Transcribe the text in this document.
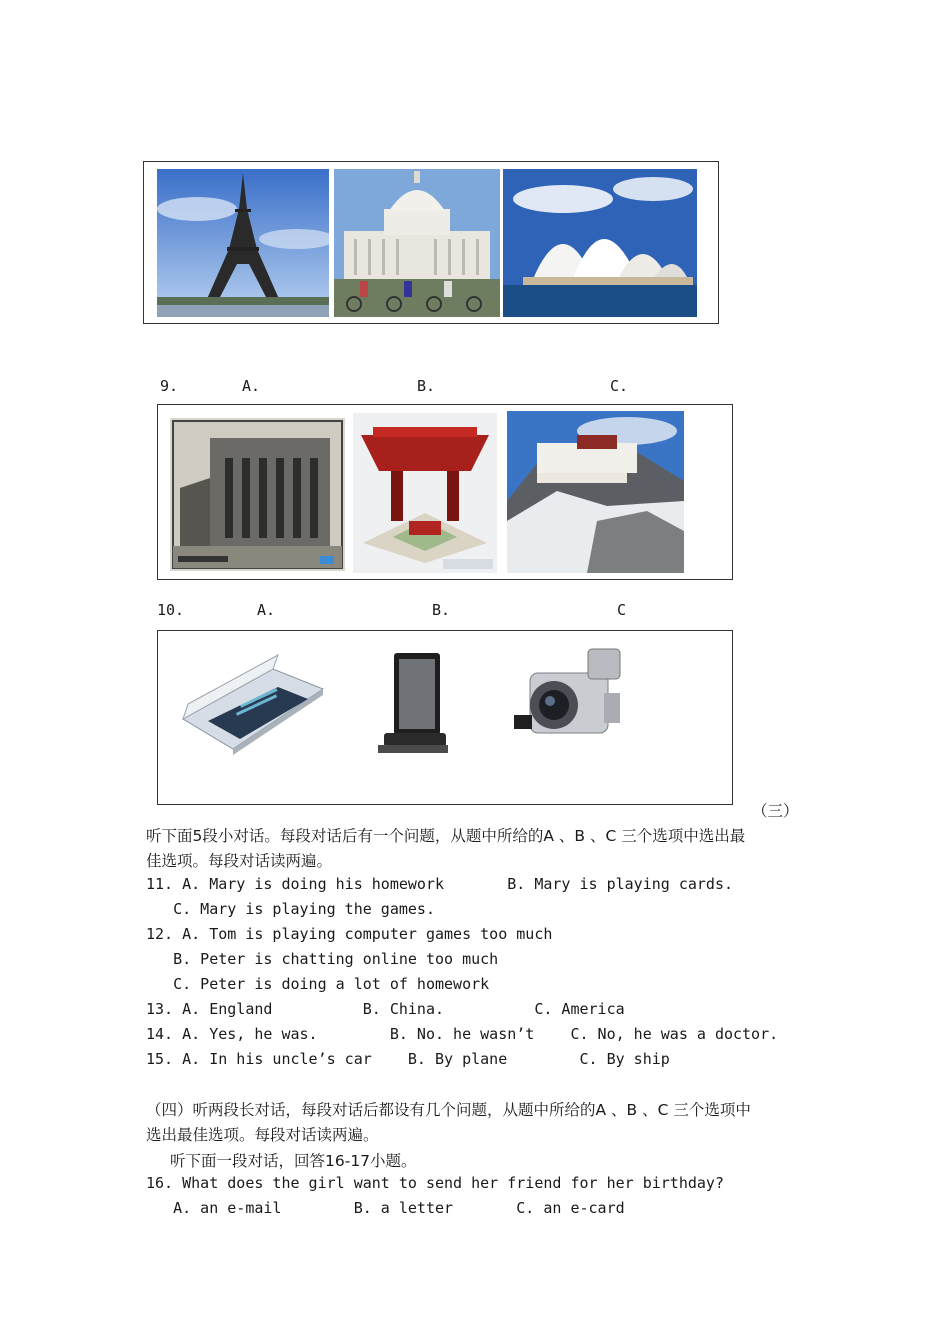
9.	A.	B.	C.
10.	A.	B.	C
（三）
听下面5段小对话。每段对话后有一个问题，从题中所给的A 、B 、C 三个选项中选出最
佳选项。每段对话读两遍。
11. A. Mary is doing his homework       B. Mary is playing cards.
C. Mary is playing the games.
12. A. Tom is playing computer games too much
B. Peter is chatting online too much
C. Peter is doing a lot of homework
13. A. England          B. China.          C. America
14. A. Yes, he was.        B. No. he wasn’t    C. No, he was a doctor.
15. A. In his uncle’s car    B. By plane        C. By ship
（四）听两段长对话，每段对话后都设有几个问题，从题中所给的A 、B 、C 三个选项中
选出最佳选项。每段对话读两遍。
听下面一段对话，回答16-17小题。
16. What does the girl want to send her friend for her birthday?
A. an e-mail        B. a letter       C. an e-card
